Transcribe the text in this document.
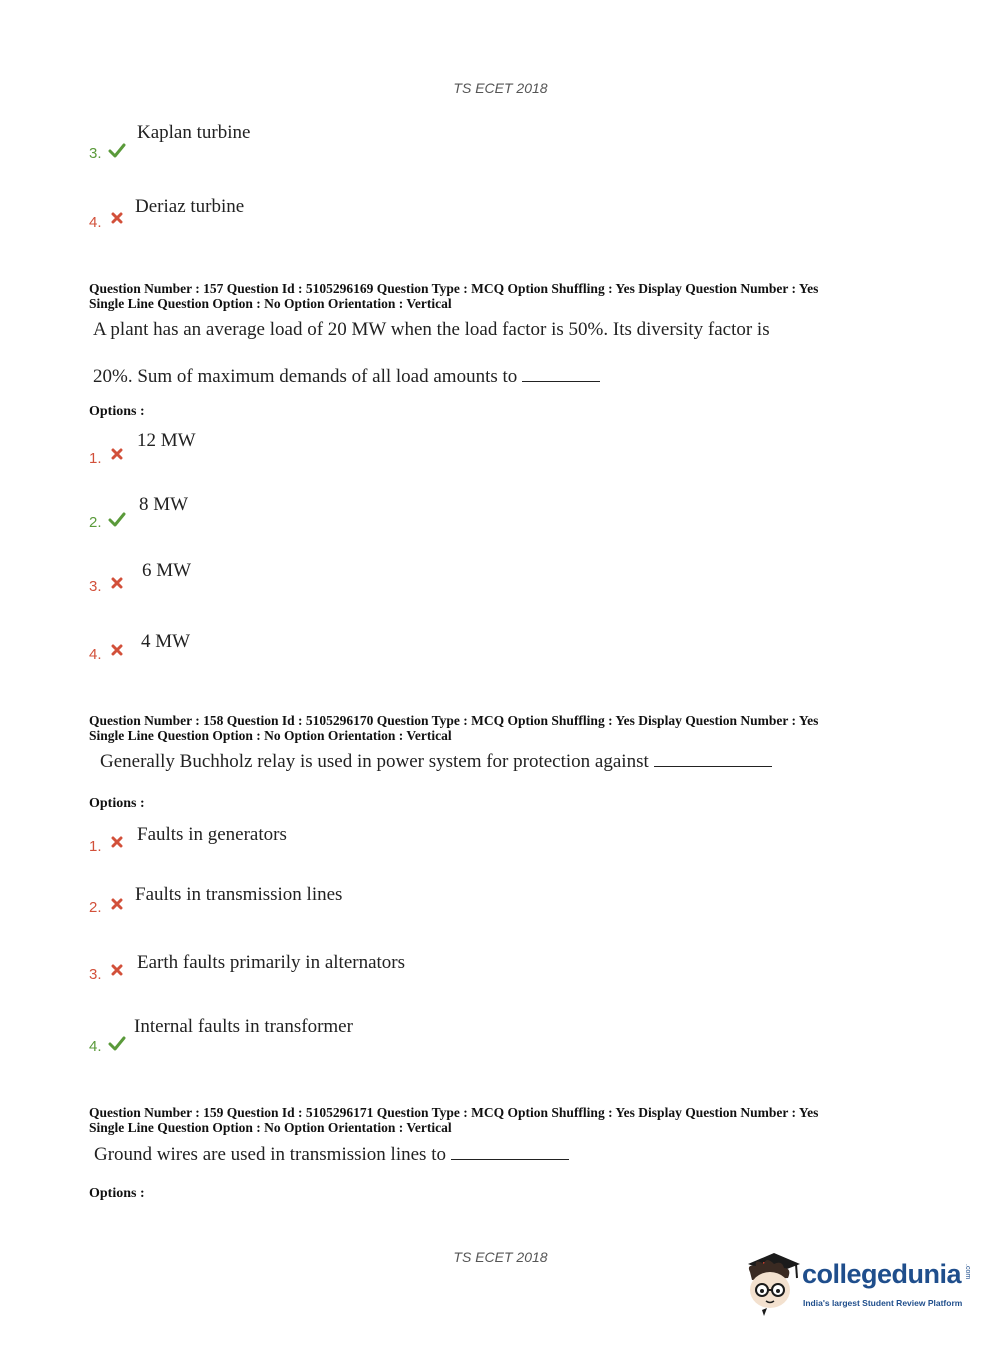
TS ECET 2018
Kaplan turbine
3.
Deriaz turbine
4.
Question Number : 157 Question Id : 5105296169 Question Type : MCQ Option Shuffling : Yes Display Question Number : Yes
Single Line Question Option : No Option Orientation : Vertical
A plant has an average load of 20 MW when the load factor is 50%. Its diversity factor is
20%. Sum of maximum demands of all load amounts to
Options :
12 MW
1.
8 MW
2.
6 MW
3.
4 MW
4.
Question Number : 158 Question Id : 5105296170 Question Type : MCQ Option Shuffling : Yes Display Question Number : Yes
Single Line Question Option : No Option Orientation : Vertical
Generally Buchholz relay is used in power system for protection against
Options :
Faults in generators
1.
Faults in transmission lines
2.
Earth faults primarily in alternators
3.
Internal faults in transformer
4.
Question Number : 159 Question Id : 5105296171 Question Type : MCQ Option Shuffling : Yes Display Question Number : Yes
Single Line Question Option : No Option Orientation : Vertical
Ground wires are used in transmission lines to
Options :
TS ECET 2018
collegedunia .com
India's largest Student Review Platform
